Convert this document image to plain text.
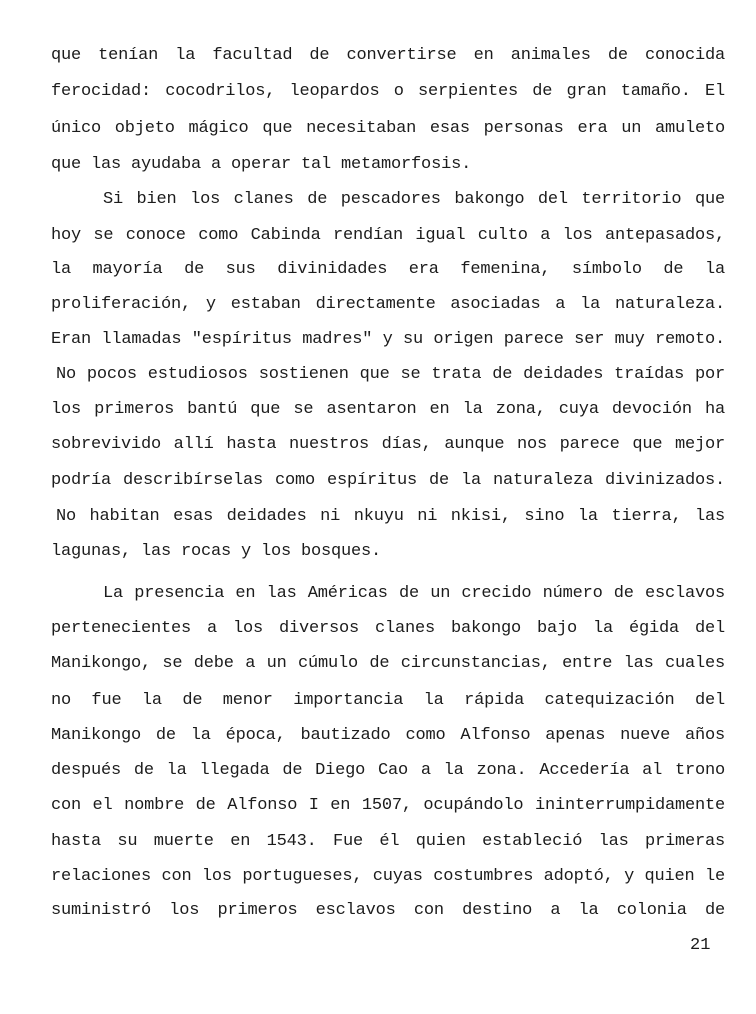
que tenían la facultad de convertirse en animales de conocida
ferocidad: cocodrilos, leopardos o serpientes de gran tamaño. El
único objeto mágico que necesitaban esas personas era un amuleto
que las ayudaba a operar tal metamorfosis.
Si bien los clanes de pescadores bakongo del territorio que
hoy se conoce como Cabinda rendían igual culto a los antepasados,
la mayoría de sus divinidades era femenina, símbolo de la
proliferación, y estaban directamente asociadas a la naturaleza.
Eran llamadas "espíritus madres" y su origen parece ser muy remoto.
No pocos estudiosos sostienen que se trata de deidades traídas por
los primeros bantú que se asentaron en la zona, cuya devoción ha
sobrevivido allí hasta nuestros días, aunque nos parece que mejor
podría describírselas como espíritus de la naturaleza divinizados.
No habitan esas deidades ni nkuyu ni nkisi, sino la tierra, las
lagunas, las rocas y los bosques.
La presencia en las Américas de un crecido número de esclavos
pertenecientes a los diversos clanes bakongo bajo la égida del
Manikongo, se debe a un cúmulo de circunstancias, entre las cuales
no fue la de menor importancia la rápida catequización del
Manikongo de la época, bautizado como Alfonso apenas nueve años
después de la llegada de Diego Cao a la zona. Accedería al trono
con el nombre de Alfonso I en 1507, ocupándolo ininterrumpidamente
hasta su muerte en 1543. Fue él quien estableció las primeras
relaciones con los portugueses, cuyas costumbres adoptó, y quien le
suministró los primeros esclavos con destino a la colonia de
21
